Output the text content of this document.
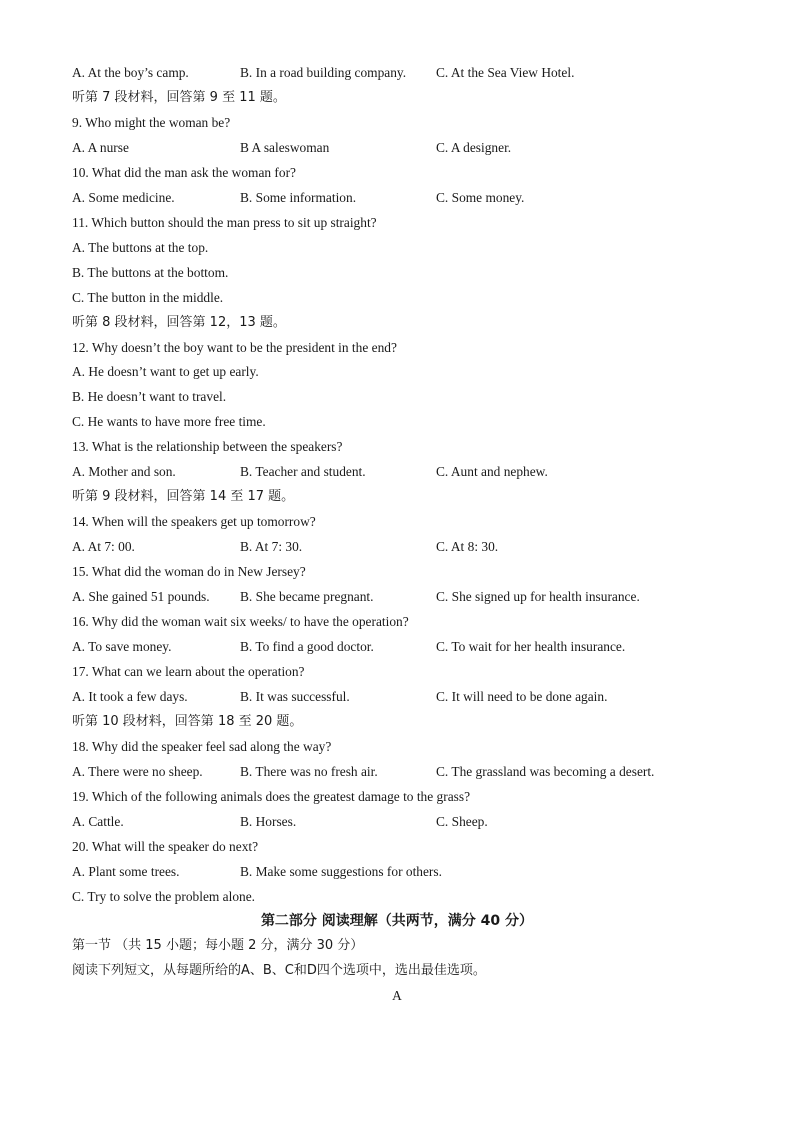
A. At the boy’s camp.	B. In a road building company. C. At the Sea View Hotel.
听第 7 段材料，回答第 9 至 11 题。
9. Who might the woman be?
A. A nurse	B A saleswoman	C. A designer.
10. What did the man ask the woman for?
A. Some medicine.	B. Some information.	C. Some money.
11. Which button should the man press to sit up straight?
A. The buttons at the top.
B. The buttons at the bottom.
C. The button in the middle.
听第 8 段材料，回答第 12，13 题。
12. Why doesn’t the boy want to be the president in the end?
A. He doesn’t want to get up early.
B. He doesn’t want to travel.
C. He wants to have more free time.
13. What is the relationship between the speakers?
A. Mother and son.	B. Teacher and student.	C. Aunt and nephew.
听第 9 段材料，回答第 14 至 17 题。
14. When will the speakers get up tomorrow?
A. At 7: 00.	B. At 7: 30.	C. At 8: 30.
15. What did the woman do in New Jersey?
A. She gained 51 pounds. B. She became pregnant.	C. She signed up for health insurance.
16. Why did the woman wait six weeks/ to have the operation?
A. To save money.	B. To find a good doctor.	C. To wait for her health insurance.
17. What can we learn about the operation?
A. It took a few days.	B. It was successful.	C. It will need to be done again.
听第 10 段材料，回答第 18 至 20 题。
18. Why did the speaker feel sad along the way?
A. There were no sheep.	B. There was no fresh air.	C. The grassland was becoming a desert.
19. Which of the following animals does the greatest damage to the grass?
A. Cattle.	B. Horses.	C. Sheep.
20. What will the speaker do next?
A. Plant some trees.	B. Make some suggestions for others.
C. Try to solve the problem alone.
第二部分 阅读理解（共两节，满分 40 分）
第一节 （共 15 小题；每小题 2 分，满分 30 分）
阅读下列短文，从每题所给的A、B、C和D四个选项中，选出最佳选项。
A
